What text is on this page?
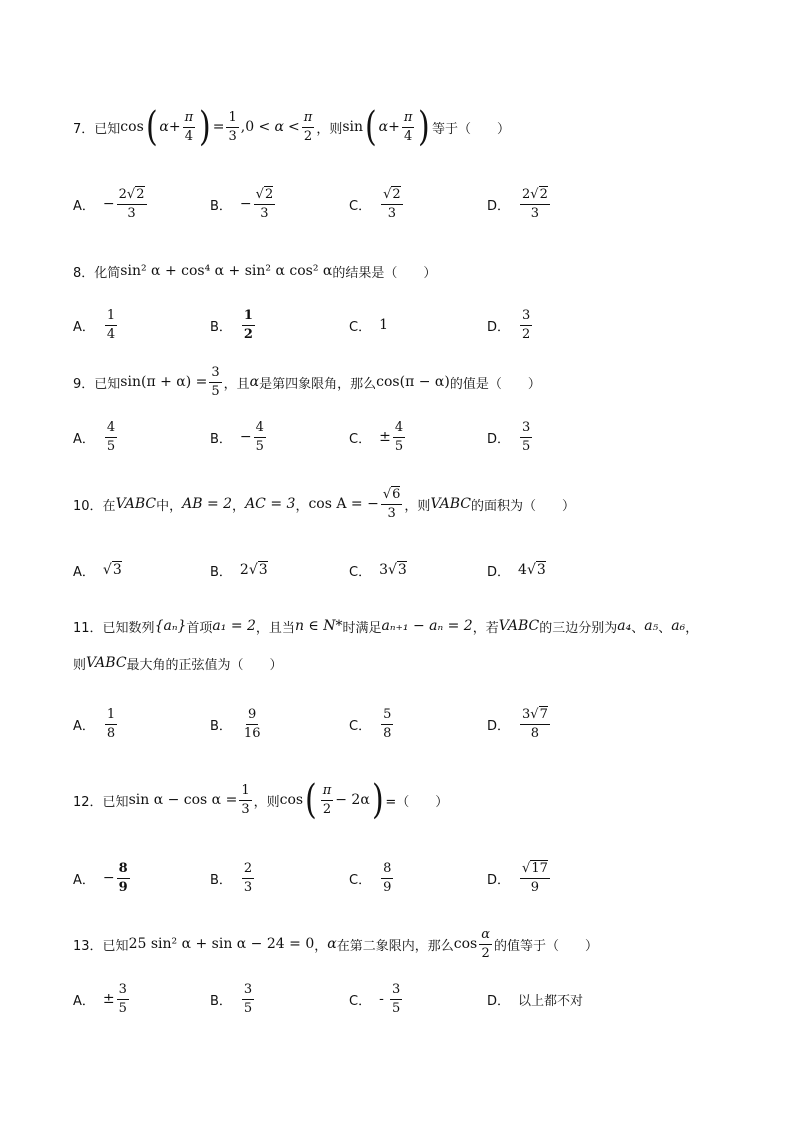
7． 已知 cos ( $\alpha + \frac{\pi}{4}$ ) = $\frac{1}{3} ,0$ <
α
< $\frac{\pi}{2}$ ，则 sin ( $\alpha + \frac{\pi}{4}$ ) 等于（　　）
A． − $\frac{2 √ 2}{3}$	B． − $\frac{√ 2}{3}$	C． $\frac{√ 2}{3}$	D． $\frac{2 √ 2}{3}$
8． 化简 sin² α + cos⁴ α + sin² α cos² α 的结果是（　　）
A． $\frac{1}{4}$	B． $\frac{1}{2}$	C． 1	D． $\frac{3}{2}$
9． 已知 $\sin(\pi + \alpha) = \frac{3}{5}$ ，且 α 是第四象限角，那么 cos(π − α) 的值是（　　）
A． $\frac{4}{5}$	B． − $\frac{4}{5}$	C． ± $\frac{4}{5}$	D． $\frac{3}{5}$
10． 在 VABC 中， AB = 2 ， AC = 3 ， cos A = − $\frac{√ 6}{3}$ ，则 VABC 的面积为（　　）
A． √ 3	B． 2 √ 3	C． 3 √ 3	D． 4 √ 3
11． 已知数列 {aₙ} 首项 a₁ = 2 ，且当 n ∈ N* 时满足 aₙ₊₁ − aₙ = 2 ，若 VABC 的三边分别为 a₄ 、 a₅ 、 a₆ ，
则 VABC 最大角的正弦值为（　　）
A． $\frac{1}{8}$	B． $\frac{9}{16}$	C． $\frac{5}{8}$	D． $\frac{3 √ 7}{8}$
12． 已知 $\sin \alpha - \cos \alpha = \frac{1}{3}$ ，则 cos ( $\frac{\pi}{2} - 2\alpha$ ) =（　　）
A． − $\frac{8}{9}$	B． $\frac{2}{3}$	C． $\frac{8}{9}$	D． $\frac{√ 17}{9}$
13． 已知 25 sin² α + sin α − 24 = 0 ， α 在第二象限内，那么 $\cos \frac{\alpha}{2}$ 的值等于（　　）
A． ± $\frac{3}{5}$	B． $\frac{3}{5}$	C． -
$\frac{3}{5}$	D． 以上都不对
